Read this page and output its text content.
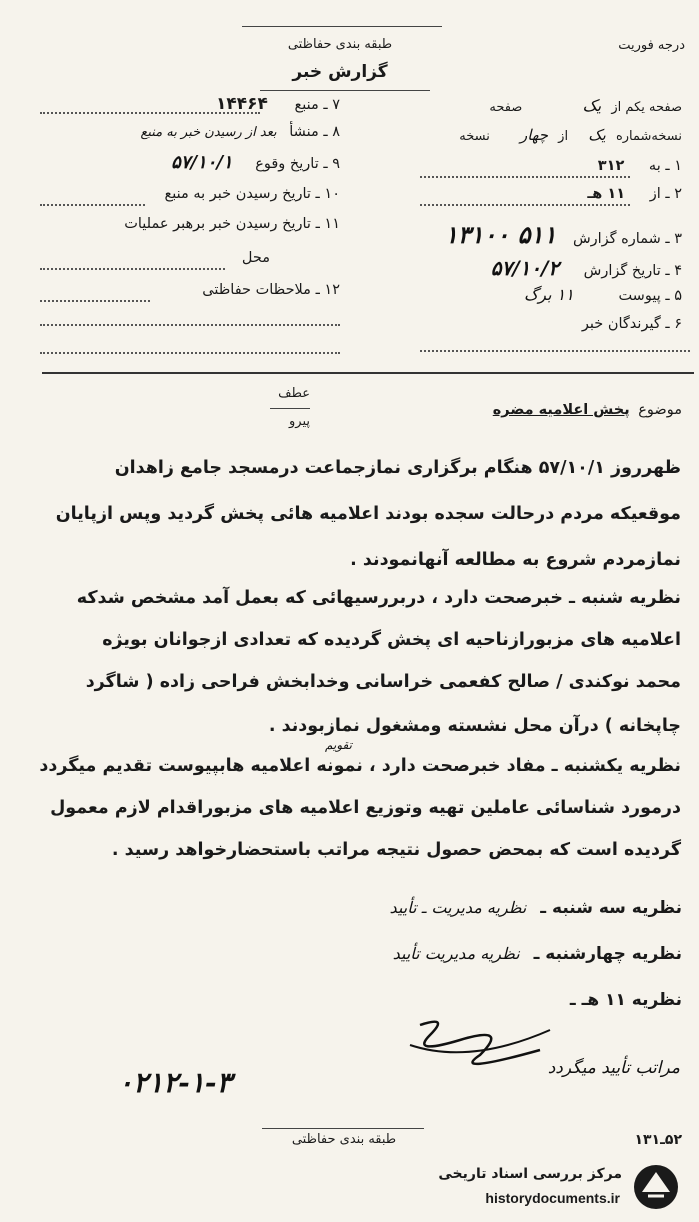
طبقه بندی حفاظتی
گزارش خبر
درجه فوریت
صفحه یکم از یک صفحه
نسخه‌شماره یک از چهار نسخه
۱ ـ به ۳۱۲
۲ ـ از ۱۱ هـ
۳ ـ شماره گزارش ۵۱۱ ۱۳۱۰۰
۴ ـ تاریخ گزارش ۵۷/۱۰/۲
۵ ـ پیوست ۱۱ برگ
۶ ـ گیرندگان خبر
۷ ـ منبع ۱۴۴۶۴
۸ ـ منشأ بعد از رسیدن خبر به منبع
۹ ـ تاریخ وقوع ۵۷/۱۰/۱
۱۰ ـ تاریخ رسیدن خبر به منبع
۱۱ ـ تاریخ رسیدن خبر برهبر عملیات
محل
۱۲ ـ ملاحظات حفاظتی
عطف
پیرو
موضوع پخش اعلامیه مضره
ظهرروز ۵۷/۱۰/۱ هنگام برگزاری نمازجماعت درمسجد جامع زاهدان
موقعیکه مردم درحالت سجده بودند اعلامیه هائی پخش گردید وپس ازپایان
نمازمردم شروع به مطالعه آنهانمودند .
نظریه شنبه ـ خبرصحت دارد ، دربررسیهائی که بعمل آمد مشخص شدکه
اعلامیه های مزبورازناحیه ای پخش گردیده که تعدادی ازجوانان بویژه
محمد نوکندی / صالح کفعمی خراسانی وخدابخش فراحی زاده ( شاگرد
چاپخانه ) درآن محل نشسته ومشغول نمازبودند .
تقویم
نظریه یکشنبه ـ مفاد خبرصحت دارد ، نمونه اعلامیه هابپیوست تقدیم میگردد
درمورد شناسائی عاملین تهیه وتوزیع اعلامیه های مزبوراقدام لازم معمول
گردیده است که بمحض حصول نتیجه مراتب باستحضارخواهد رسید .
نظریه سه شنبه ـ نظریه مدیریت ـ تأیید
نظریه چهارشنبه ـ نظریه مدیریت تأیید
نظریه ۱۱ هـ ـ
مراتب تأیید میگردد
۰۲۱۲-۱-۳
۵۲ـ۱۳۱
طبقه بندی حفاظتی
مرکز بررسی اسناد تاریخی
historydocuments.ir
